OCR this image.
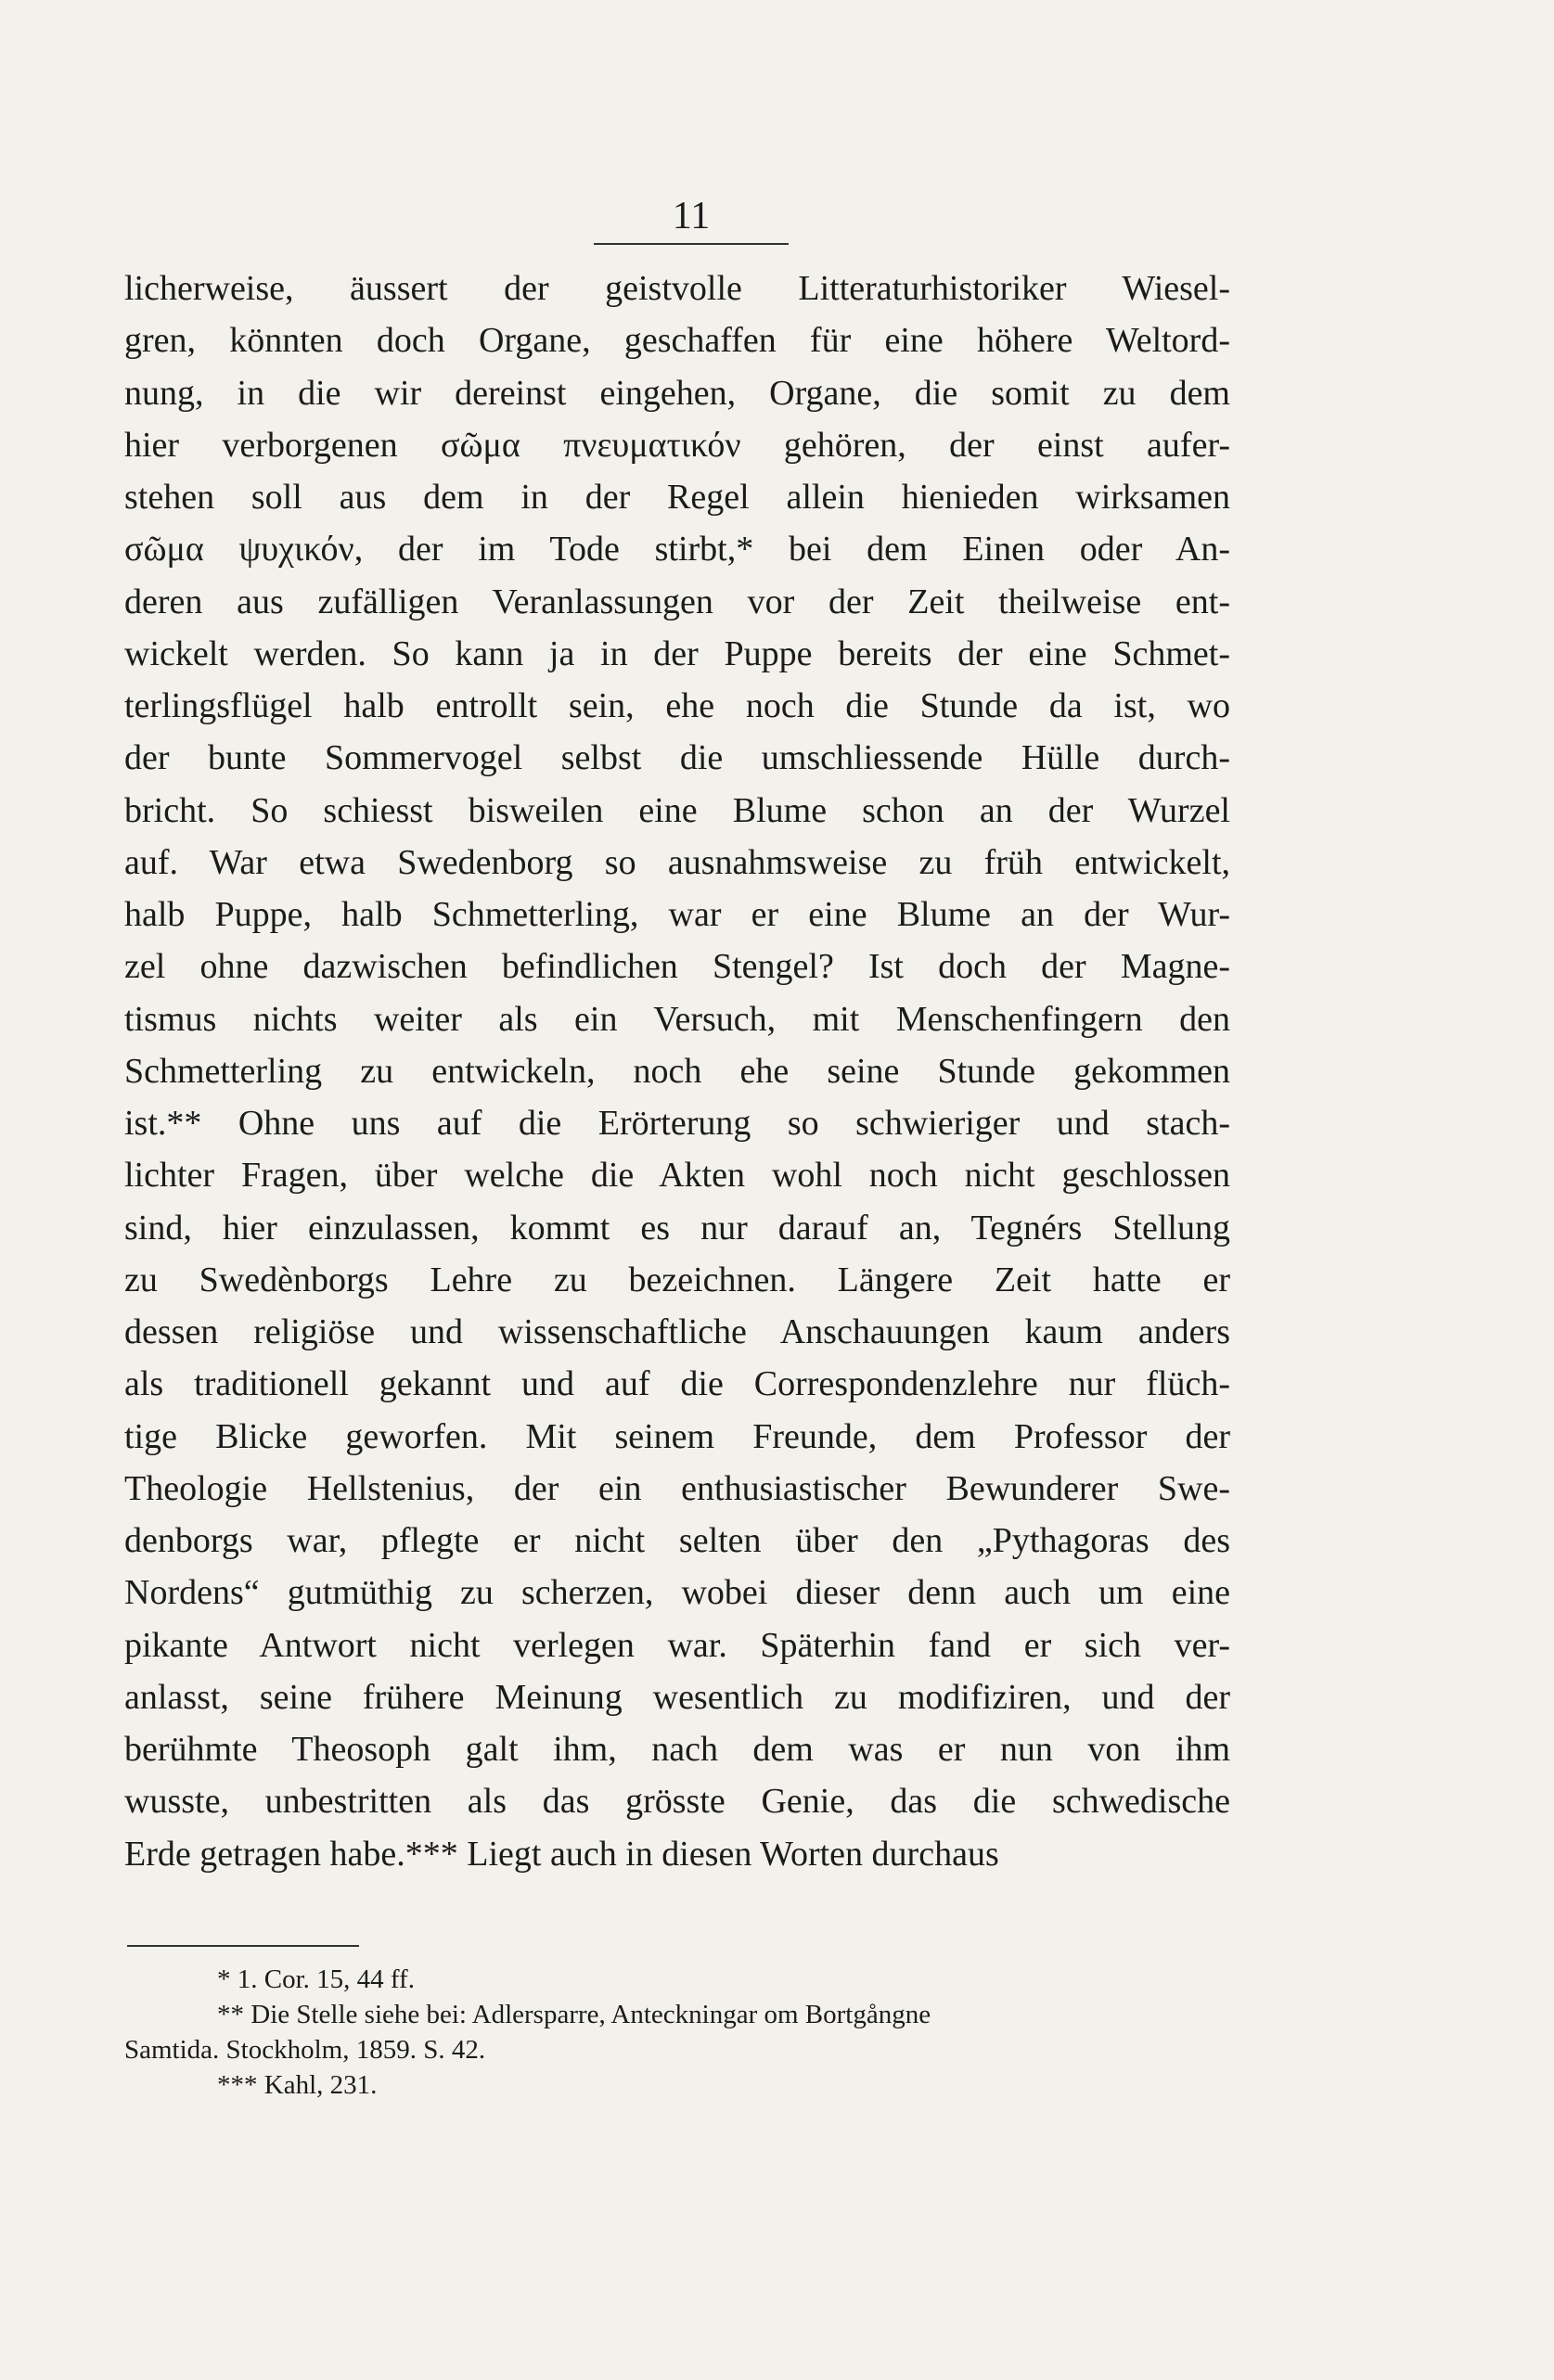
11
licherweise, äussert der geistvolle Litteraturhistoriker Wiesel-
gren, könnten doch Organe, geschaffen für eine höhere Weltord-
nung, in die wir dereinst eingehen, Organe, die somit zu dem
hier verborgenen σῶμα πνευματικόν gehören, der einst aufer-
stehen soll aus dem in der Regel allein hienieden wirksamen
σῶμα ψυχικόν, der im Tode stirbt,* bei dem Einen oder An-
deren aus zufälligen Veranlassungen vor der Zeit theilweise ent-
wickelt werden. So kann ja in der Puppe bereits der eine Schmet-
terlingsflügel halb entrollt sein, ehe noch die Stunde da ist, wo
der bunte Sommervogel selbst die umschliessende Hülle durch-
bricht. So schiesst bisweilen eine Blume schon an der Wurzel
auf. War etwa Swedenborg so ausnahmsweise zu früh entwickelt,
halb Puppe, halb Schmetterling, war er eine Blume an der Wur-
zel ohne dazwischen befindlichen Stengel? Ist doch der Magne-
tismus nichts weiter als ein Versuch, mit Menschenfingern den
Schmetterling zu entwickeln, noch ehe seine Stunde gekommen
ist.** Ohne uns auf die Erörterung so schwieriger und stach-
lichter Fragen, über welche die Akten wohl noch nicht geschlossen
sind, hier einzulassen, kommt es nur darauf an, Tegnérs Stellung
zu Swedènborgs Lehre zu bezeichnen. Längere Zeit hatte er
dessen religiöse und wissenschaftliche Anschauungen kaum anders
als traditionell gekannt und auf die Correspondenzlehre nur flüch-
tige Blicke geworfen. Mit seinem Freunde, dem Professor der
Theologie Hellstenius, der ein enthusiastischer Bewunderer Swe-
denborgs war, pflegte er nicht selten über den „Pythagoras des
Nordens“ gutmüthig zu scherzen, wobei dieser denn auch um eine
pikante Antwort nicht verlegen war. Späterhin fand er sich ver-
anlasst, seine frühere Meinung wesentlich zu modifiziren, und der
berühmte Theosoph galt ihm, nach dem was er nun von ihm
wusste, unbestritten als das grösste Genie, das die schwedische
Erde getragen habe.*** Liegt auch in diesen Worten durchaus
* 1. Cor. 15, 44 ff.
** Die Stelle siehe bei: Adlersparre, Anteckningar om Bortgångne
Samtida. Stockholm, 1859. S. 42.
*** Kahl, 231.
